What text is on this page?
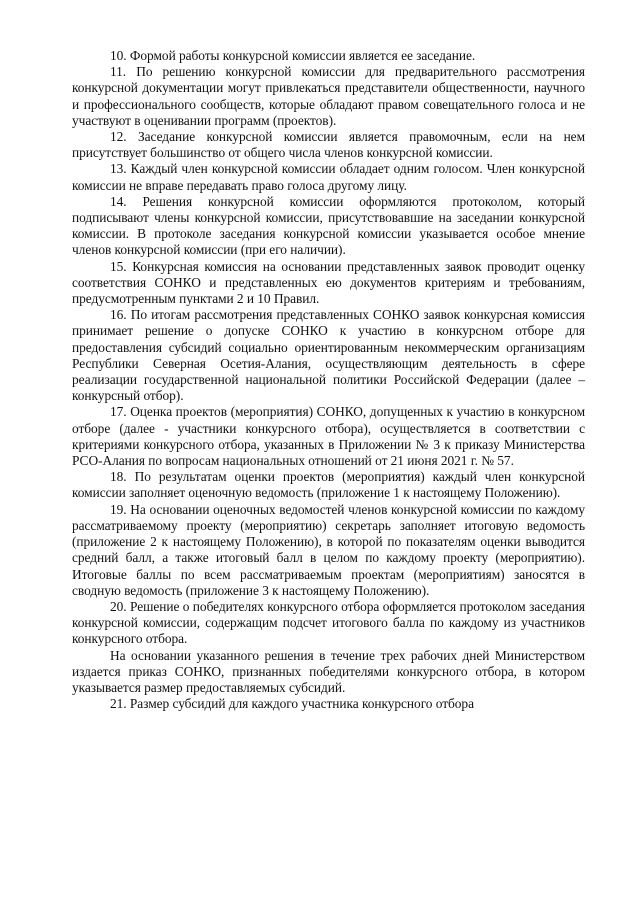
10. Формой работы конкурсной комиссии является ее заседание.

11. По решению конкурсной комиссии для предварительного рассмотрения конкурсной документации могут привлекаться представители общественности, научного и профессионального сообществ, которые обладают правом совещательного голоса и не участвуют в оценивании программ (проектов).

12. Заседание конкурсной комиссии является правомочным, если на нем присутствует большинство от общего числа членов конкурсной комиссии.

13. Каждый член конкурсной комиссии обладает одним голосом. Член конкурсной комиссии не вправе передавать право голоса другому лицу.

14. Решения конкурсной комиссии оформляются протоколом, который подписывают члены конкурсной комиссии, присутствовавшие на заседании конкурсной комиссии. В протоколе заседания конкурсной комиссии указывается особое мнение членов конкурсной комиссии (при его наличии).

15. Конкурсная комиссия на основании представленных заявок проводит оценку соответствия СОНКО и представленных ею документов критериям и требованиям, предусмотренным пунктами 2 и 10 Правил.

16. По итогам рассмотрения представленных СОНКО заявок конкурсная комиссия принимает решение о допуске СОНКО к участию в конкурсном отборе для предоставления субсидий социально ориентированным некоммерческим организациям Республики Северная Осетия-Алания, осуществляющим деятельность в сфере реализации государственной национальной политики Российской Федерации (далее – конкурсный отбор).

17. Оценка проектов (мероприятия) СОНКО, допущенных к участию в конкурсном отборе (далее - участники конкурсного отбора), осуществляется в соответствии с критериями конкурсного отбора, указанных в Приложении № 3 к приказу Министерства РСО-Алания по вопросам национальных отношений от 21 июня 2021 г. № 57.

18. По результатам оценки проектов (мероприятия) каждый член конкурсной комиссии заполняет оценочную ведомость (приложение 1 к настоящему Положению).

19. На основании оценочных ведомостей членов конкурсной комиссии по каждому рассматриваемому проекту (мероприятию) секретарь заполняет итоговую ведомость (приложение 2 к настоящему Положению), в которой по показателям оценки выводится средний балл, а также итоговый балл в целом по каждому проекту (мероприятию). Итоговые баллы по всем рассматриваемым проектам (мероприятиям) заносятся в сводную ведомость (приложение 3 к настоящему Положению).

20. Решение о победителях конкурсного отбора оформляется протоколом заседания конкурсной комиссии, содержащим подсчет итогового балла по каждому из участников конкурсного отбора.

На основании указанного решения в течение трех рабочих дней Министерством издается приказ СОНКО, признанных победителями конкурсного отбора, в котором указывается размер предоставляемых субсидий.

21. Размер субсидий для каждого участника конкурсного отбора
